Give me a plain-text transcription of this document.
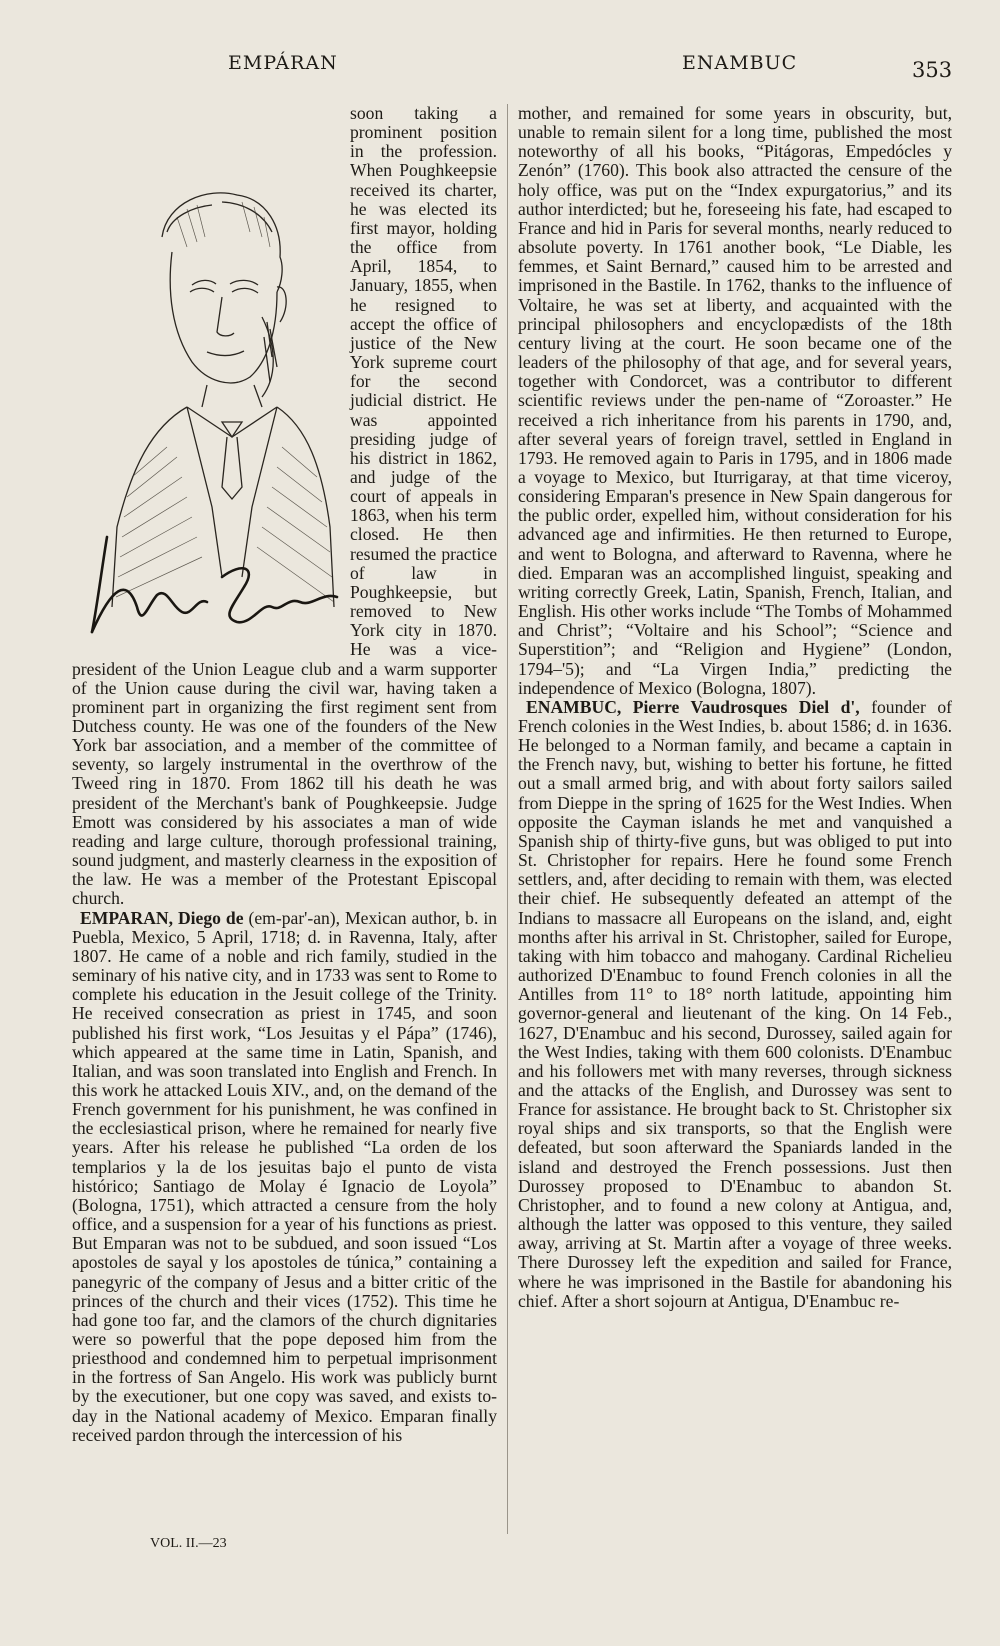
EMPÁRAN	ENAMBUC	353

soon taking a prominent position in the profession. When Poughkeepsie received its charter, he was elected its first mayor, holding the office from April, 1854, to January, 1855, when he resigned to accept the office of justice of the New York supreme court for the second judicial district. He was appointed presiding judge of his district in 1862, and judge of the court of appeals in 1863, when his term closed. He then resumed the practice of law in Poughkeepsie, but removed to New York city in 1870. He was a vice-president of the Union League club and a warm supporter of the Union cause during the civil war, having taken a prominent part in organizing the first regiment sent from Dutchess county. He was one of the founders of the New York bar association, and a member of the committee of seventy, so largely instrumental in the overthrow of the Tweed ring in 1870. From 1862 till his death he was president of the Merchant's bank of Poughkeepsie. Judge Emott was considered by his associates a man of wide reading and large culture, thorough professional training, sound judgment, and masterly clearness in the exposition of the law. He was a member of the Protestant Episcopal church.

EMPARAN, Diego de (em-par'-an), Mexican author, b. in Puebla, Mexico, 5 April, 1718; d. in Ravenna, Italy, after 1807. He came of a noble and rich family, studied in the seminary of his native city, and in 1733 was sent to Rome to complete his education in the Jesuit college of the Trinity. He received consecration as priest in 1745, and soon published his first work, “Los Jesuitas y el Pápa” (1746), which appeared at the same time in Latin, Spanish, and Italian, and was soon translated into English and French. In this work he attacked Louis XIV., and, on the demand of the French government for his punishment, he was confined in the ecclesiastical prison, where he remained for nearly five years. After his release he published “La orden de los templarios y la de los jesuitas bajo el punto de vista histórico; Santiago de Molay é Ignacio de Loyola” (Bologna, 1751), which attracted a censure from the holy office, and a suspension for a year of his functions as priest. But Emparan was not to be subdued, and soon issued “Los apostoles de sayal y los apostoles de túnica,” containing a panegyric of the company of Jesus and a bitter critic of the princes of the church and their vices (1752). This time he had gone too far, and the clamors of the church dignitaries were so powerful that the pope deposed him from the priesthood and condemned him to perpetual imprisonment in the fortress of San Angelo. His work was publicly burnt by the executioner, but one copy was saved, and exists to-day in the National academy of Mexico. Emparan finally received pardon through the intercession of his

mother, and remained for some years in obscurity, but, unable to remain silent for a long time, published the most noteworthy of all his books, “Pitágoras, Empedócles y Zenón” (1760). This book also attracted the censure of the holy office, was put on the “Index expurgatorius,” and its author interdicted; but he, foreseeing his fate, had escaped to France and hid in Paris for several months, nearly reduced to absolute poverty. In 1761 another book, “Le Diable, les femmes, et Saint Bernard,” caused him to be arrested and imprisoned in the Bastile. In 1762, thanks to the influence of Voltaire, he was set at liberty, and acquainted with the principal philosophers and encyclopædists of the 18th century living at the court. He soon became one of the leaders of the philosophy of that age, and for several years, together with Condorcet, was a contributor to different scientific reviews under the pen-name of “Zoroaster.” He received a rich inheritance from his parents in 1790, and, after several years of foreign travel, settled in England in 1793. He removed again to Paris in 1795, and in 1806 made a voyage to Mexico, but Iturrigaray, at that time viceroy, considering Emparan's presence in New Spain dangerous for the public order, expelled him, without consideration for his advanced age and infirmities. He then returned to Europe, and went to Bologna, and afterward to Ravenna, where he died. Emparan was an accomplished linguist, speaking and writing correctly Greek, Latin, Spanish, French, Italian, and English. His other works include “The Tombs of Mohammed and Christ”; “Voltaire and his School”; “Science and Superstition”; and “Religion and Hygiene” (London, 1794–'5); and “La Virgen India,” predicting the independence of Mexico (Bologna, 1807).

ENAMBUC, Pierre Vaudrosques Diel d', founder of French colonies in the West Indies, b. about 1586; d. in 1636. He belonged to a Norman family, and became a captain in the French navy, but, wishing to better his fortune, he fitted out a small armed brig, and with about forty sailors sailed from Dieppe in the spring of 1625 for the West Indies. When opposite the Cayman islands he met and vanquished a Spanish ship of thirty-five guns, but was obliged to put into St. Christopher for repairs. Here he found some French settlers, and, after deciding to remain with them, was elected their chief. He subsequently defeated an attempt of the Indians to massacre all Europeans on the island, and, eight months after his arrival in St. Christopher, sailed for Europe, taking with him tobacco and mahogany. Cardinal Richelieu authorized D'Enambuc to found French colonies in all the Antilles from 11° to 18° north latitude, appointing him governor-general and lieutenant of the king. On 14 Feb., 1627, D'Enambuc and his second, Durossey, sailed again for the West Indies, taking with them 600 colonists. D'Enambuc and his followers met with many reverses, through sickness and the attacks of the English, and Durossey was sent to France for assistance. He brought back to St. Christopher six royal ships and six transports, so that the English were defeated, but soon afterward the Spaniards landed in the island and destroyed the French possessions. Just then Durossey proposed to D'Enambuc to abandon St. Christopher, and to found a new colony at Antigua, and, although the latter was opposed to this venture, they sailed away, arriving at St. Martin after a voyage of three weeks. There Durossey left the expedition and sailed for France, where he was imprisoned in the Bastile for abandoning his chief. After a short sojourn at Antigua, D'Enambuc re-

VOL. II.—23
